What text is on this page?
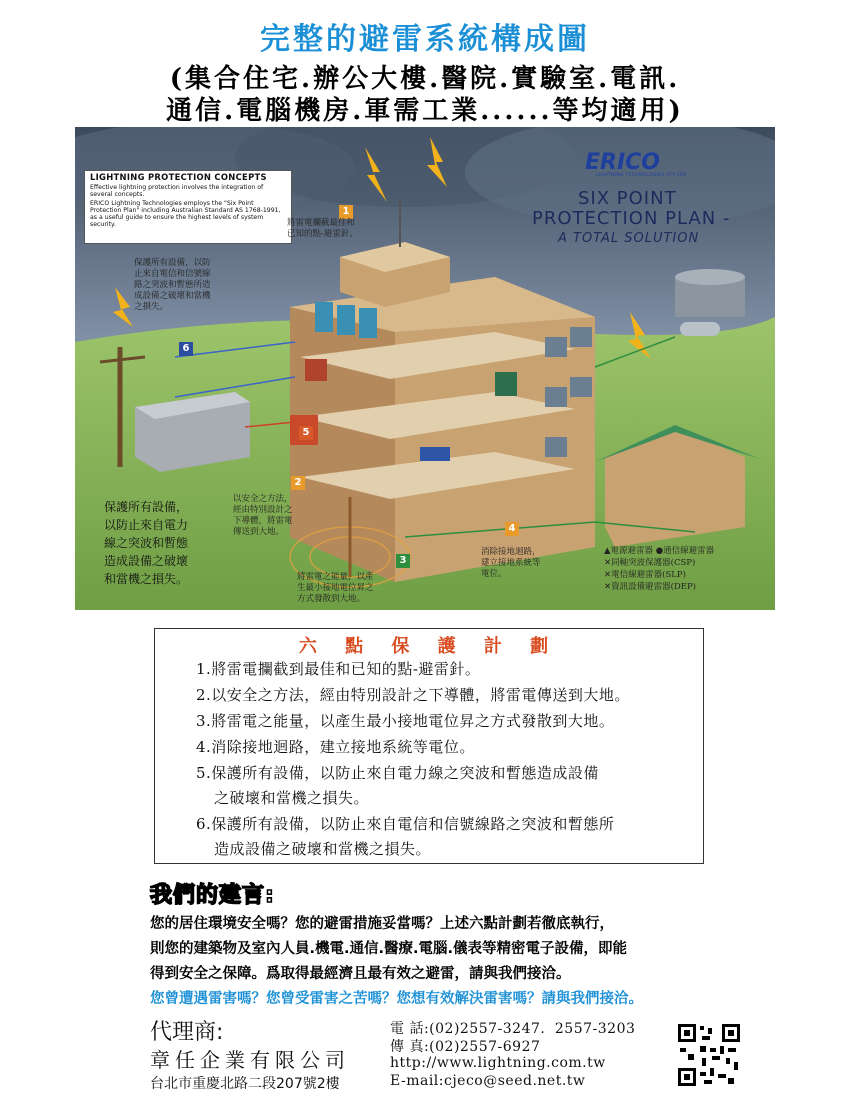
完整的避雷系統構成圖
(集合住宅.辦公大樓.醫院.實驗室.電訊.
通信.電腦機房.軍需工業......等均適用)
LIGHTNING PROTECTION CONCEPTS
Effective lightning protection involves the integration of several concepts.
ERICO Lightning Technologies employs the "Six Point Protection Plan" including Australian Standard AS 1768-1991, as a useful guide to ensure the highest levels of system security.
ERICO
LIGHTNING TECHNOLOGIES PTY LTD
SIX POINT
PROTECTION PLAN -
A TOTAL SOLUTION
1
2
3
4
5
6
將雷電攔截最佳和
已知的點-避雷針。
保護所有設備，以防
止來自電信和信號線
路之突波和暫態所造
成設備之破壞和當機
之損失。
保護所有設備，
以防止來自電力
線之突波和暫態
造成設備之破壞
和當機之損失。
以安全之方法，
經由特別設計之
下導體，將雷電
傳送到大地。
將雷電之能量，以產
生最小接地電位昇之
方式發散到大地。
消除接地迴路，
建立接地系統等
電位。
▲電源避雷器 ●通信線避雷器
✕同軸突波保護器(CSP)
✕電信線避雷器(SLP)
✕資訊設備避雷器(DEP)
六 點 保 護 計 劃
1.將雷電攔截到最佳和已知的點-避雷針。
2.以安全之方法，經由特別設計之下導體，將雷電傳送到大地。
3.將雷電之能量，以產生最小接地電位昇之方式發散到大地。
4.消除接地迴路，建立接地系統等電位。
5.保護所有設備，以防止來自電力線之突波和暫態造成設備
之破壞和當機之損失。
6.保護所有設備，以防止來自電信和信號線路之突波和暫態所
造成設備之破壞和當機之損失。
我們的建言:
您的居住環境安全嗎？您的避雷措施妥當嗎？上述六點計劃若徹底執行，
則您的建築物及室內人員.機電.通信.醫療.電腦.儀表等精密電子設備，即能
得到安全之保障。爲取得最經濟且最有效之避雷，請與我們接洽。
您曾遭遇雷害嗎？您曾受雷害之苦嗎？您想有效解決雷害嗎？請與我們接洽。
代理商:
章任企業有限公司
台北市重慶北路二段207號2樓
電 話:(02)2557-3247．2557-3203
傳 真:(02)2557-6927
http://www.lightning.com.tw
E-mail:cjeco@seed.net.tw
